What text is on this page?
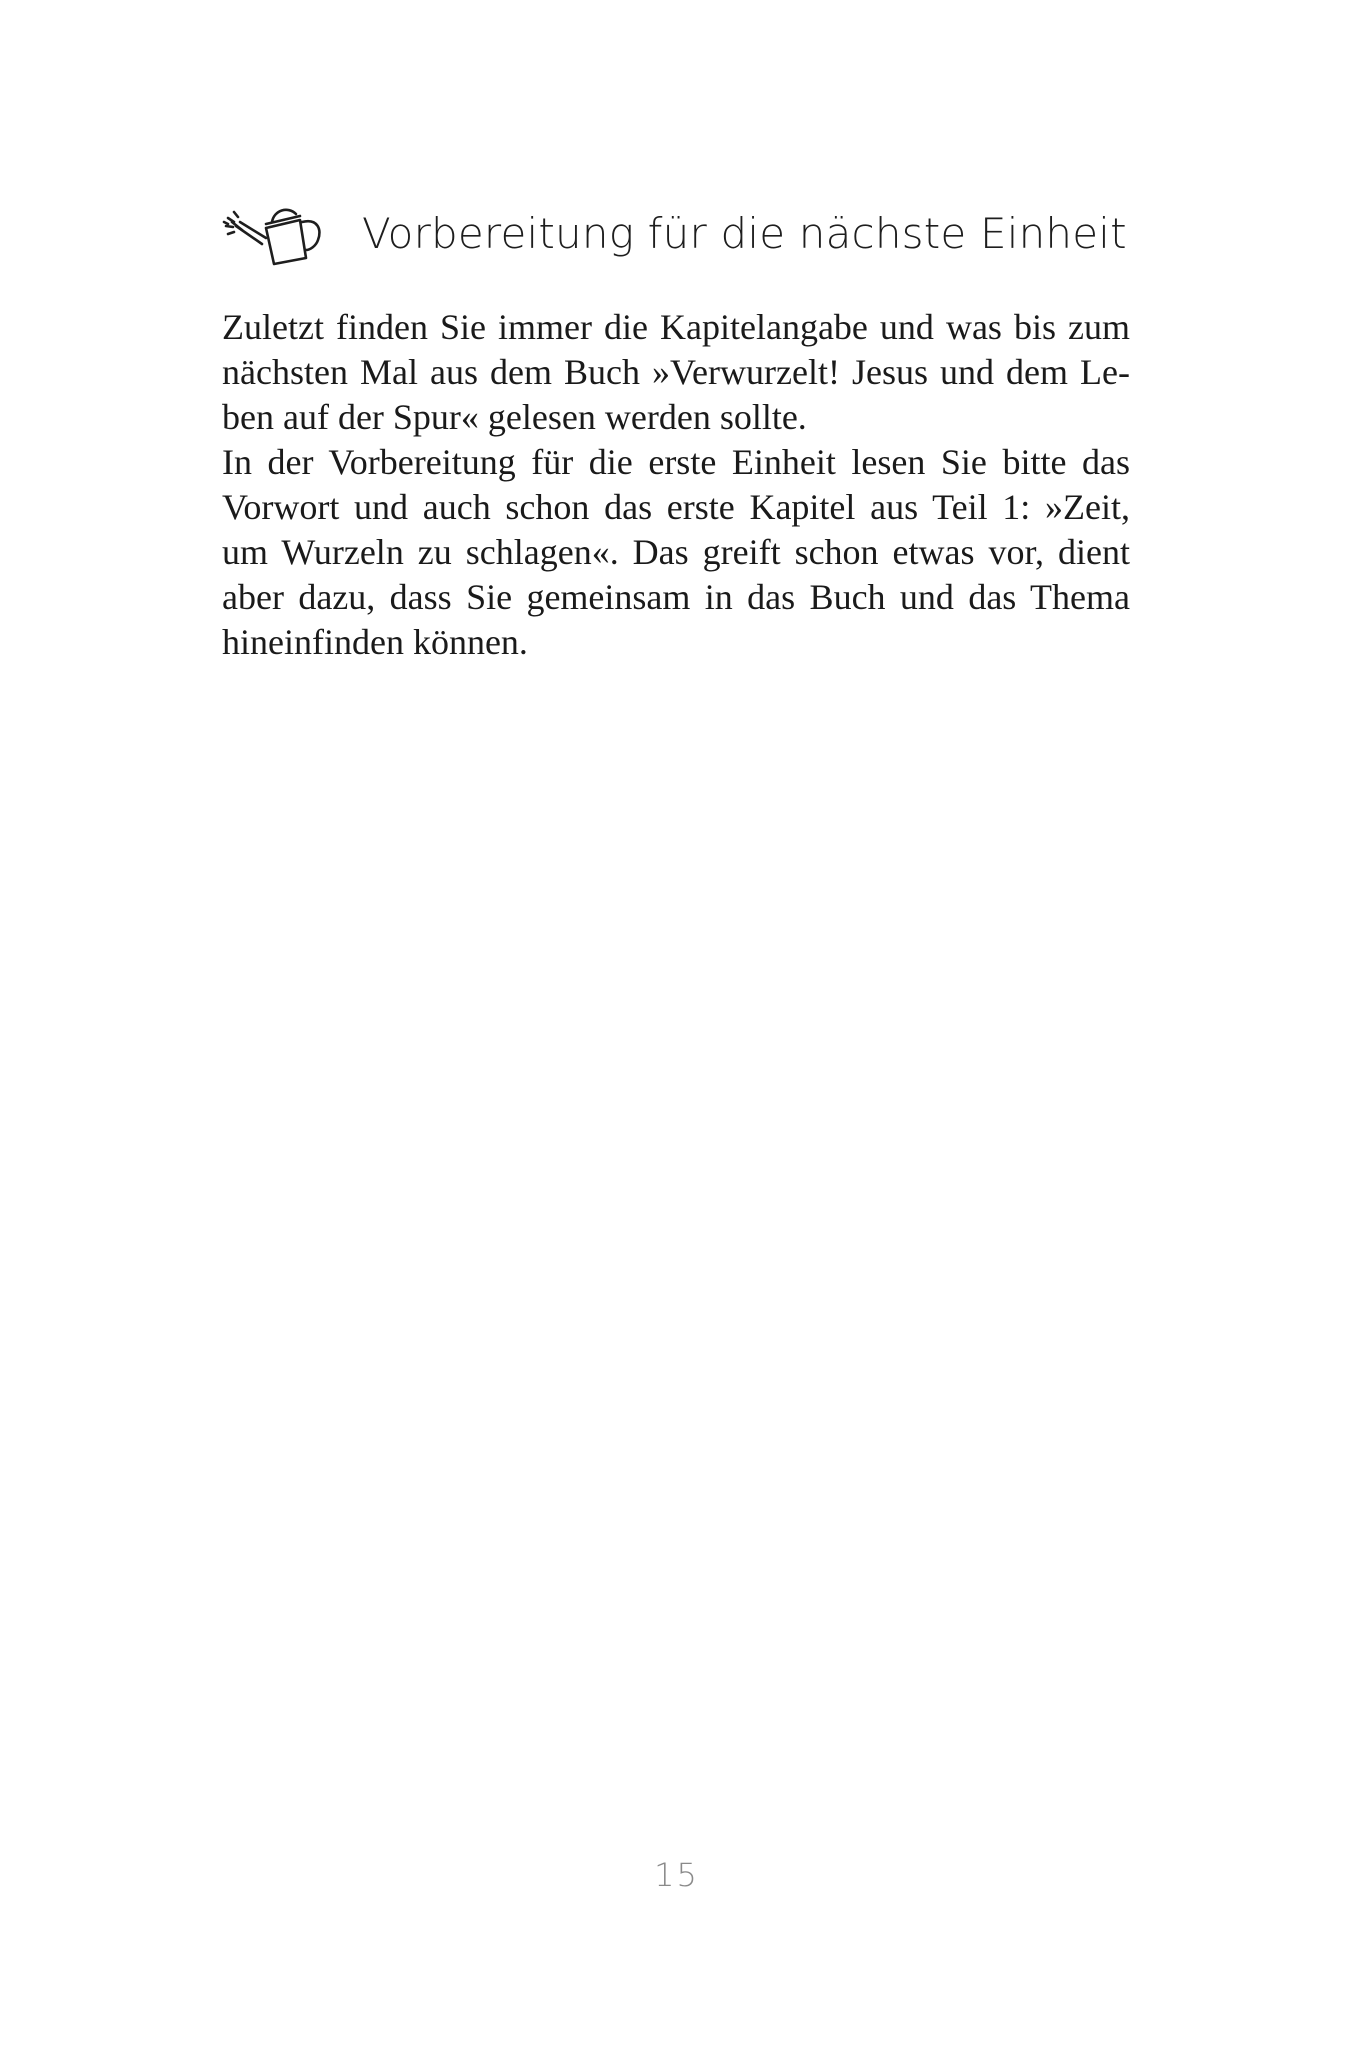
Vorbereitung für die nächste Einheit

Zuletzt finden Sie immer die Kapitelangabe und was bis zum
nächsten Mal aus dem Buch »Verwurzelt! Jesus und dem Le-
ben auf der Spur« gelesen werden sollte.

In der Vorbereitung für die erste Einheit lesen Sie bitte das
Vorwort und auch schon das erste Kapitel aus Teil 1: »Zeit,
um Wurzeln zu schlagen«. Das greift schon etwas vor, dient
aber dazu, dass Sie gemeinsam in das Buch und das Thema
hineinfinden können.

15
